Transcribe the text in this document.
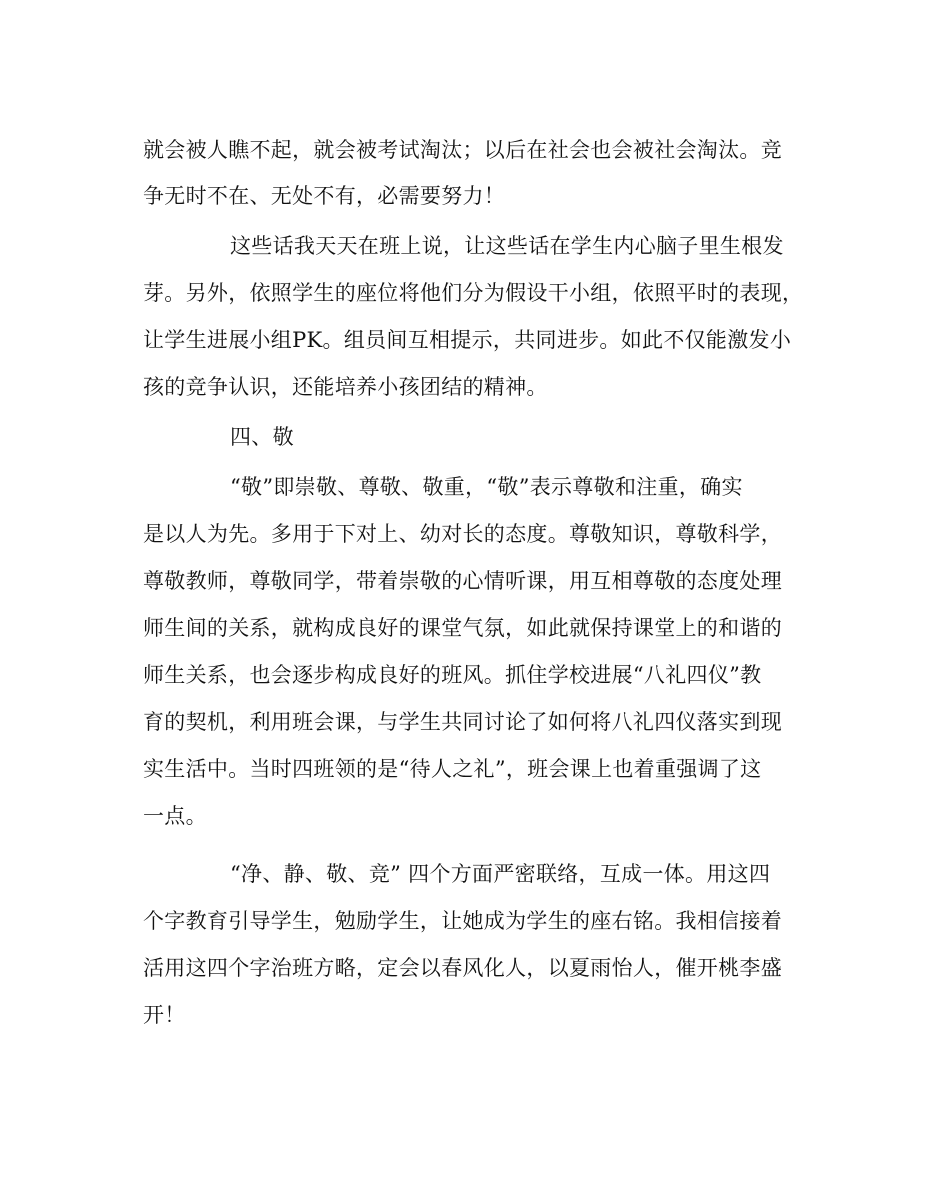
就会被人瞧不起，就会被考试淘汰；以后在社会也会被社会淘汰。竞
争无时不在、无处不有，必需要努力！
这些话我天天在班上说，让这些话在学生内心脑子里生根发
芽。另外，依照学生的座位将他们分为假设干小组，依照平时的表现，
让学生进展小组PK。组员间互相提示，共同进步。如此不仅能激发小
孩的竞争认识，还能培养小孩团结的精神。
四、敬
“敬”即崇敬、尊敬、敬重，“敬”表示尊敬和注重，确实
是以人为先。多用于下对上、幼对长的态度。尊敬知识，尊敬科学，
尊敬教师，尊敬同学，带着崇敬的心情听课，用互相尊敬的态度处理
师生间的关系，就构成良好的课堂气氛，如此就保持课堂上的和谐的
师生关系，也会逐步构成良好的班风。抓住学校进展“八礼四仪”教
育的契机，利用班会课，与学生共同讨论了如何将八礼四仪落实到现
实生活中。当时四班领的是“待人之礼”，班会课上也着重强调了这
一点。
“净、静、敬、竞” 四个方面严密联络，互成一体。用这四
个字教育引导学生，勉励学生，让她成为学生的座右铭。我相信接着
活用这四个字治班方略，定会以春风化人，以夏雨怡人，催开桃李盛
开！
